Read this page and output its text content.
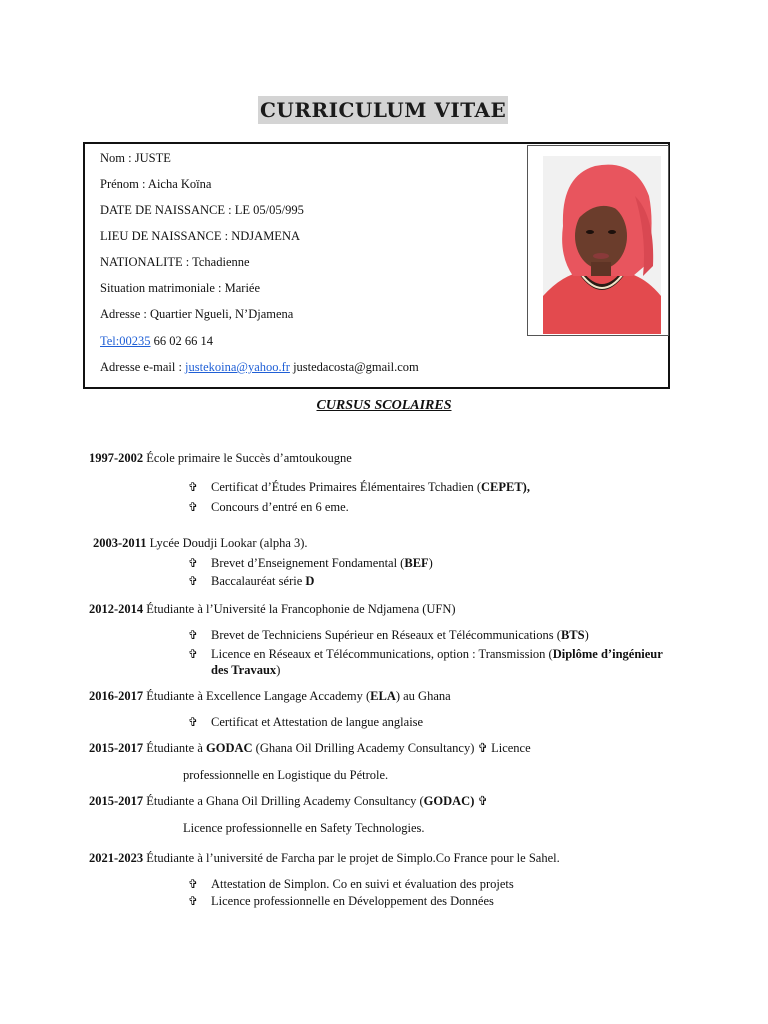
CURRICULUM VITAE
Nom : JUSTE
Prénom : Aicha Koïna
DATE DE NAISSANCE : LE 05/05/995
LIEU DE NAISSANCE : NDJAMENA
NATIONALITE : Tchadienne
Situation matrimoniale : Mariée
Adresse : Quartier Ngueli, N’Djamena
Tel:00235 66 02 66 14
Adresse e-mail : justekoina@yahoo.fr justedacosta@gmail.com
CURSUS SCOLAIRES
1997-2002 École primaire le Succès d’amtoukougne
✞ Certificat d’Études Primaires Élémentaires Tchadien (CEPET),
✞ Concours d’entré en 6 eme.
2003-2011 Lycée Doudji Lookar (alpha 3).
✞ Brevet d’Enseignement Fondamental (BEF)
✞ Baccalauréat série D
2012-2014 Étudiante à l’Université la Francophonie de Ndjamena (UFN)
✞ Brevet de Techniciens Supérieur en Réseaux et Télécommunications (BTS)
✞ Licence en Réseaux et Télécommunications, option : Transmission (Diplôme d’ingénieur
des Travaux)
2016-2017 Étudiante à Excellence Langage Accademy (ELA) au Ghana
✞ Certificat et Attestation de langue anglaise
2015-2017 Étudiante à GODAC (Ghana Oil Drilling Academy Consultancy) ✞ Licence
professionnelle en Logistique du Pétrole.
2015-2017 Étudiante a Ghana Oil Drilling Academy Consultancy (GODAC) ✞
Licence professionnelle en Safety Technologies.
2021-2023 Étudiante à l’université de Farcha par le projet de Simplo.Co France pour le Sahel.
✞ Attestation de Simplon. Co en suivi et évaluation des projets
✞ Licence professionnelle en Développement des Données
